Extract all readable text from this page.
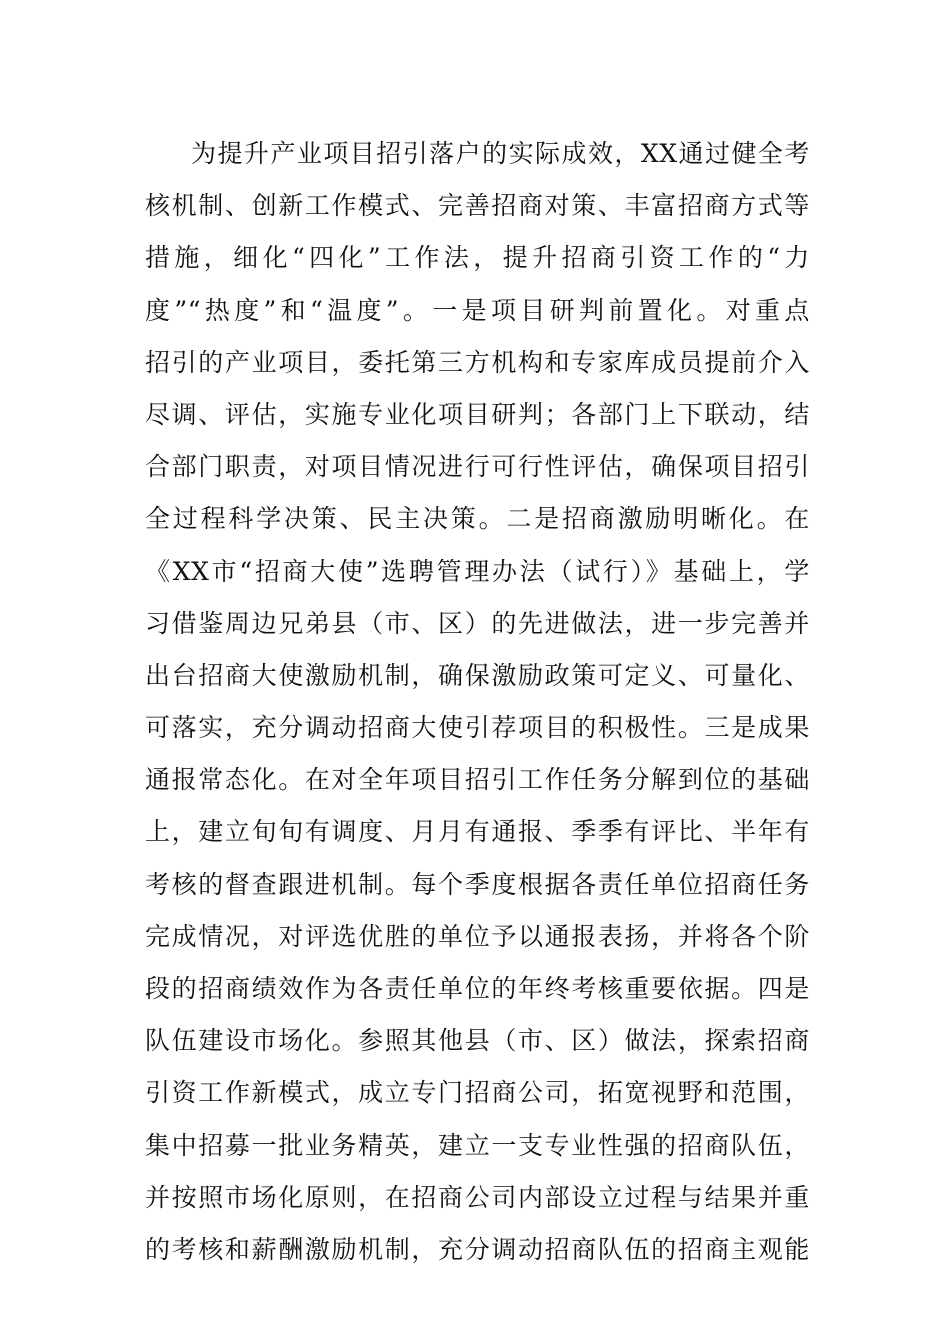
为提升产业项目招引落户的实际成效，XX通过健全考
核机制、创新工作模式、完善招商对策、丰富招商方式等
措施，细化“四化”工作法，提升招商引资工作的“力
度”“热度”和“温度”。一是项目研判前置化。对重点
招引的产业项目，委托第三方机构和专家库成员提前介入
尽调、评估，实施专业化项目研判；各部门上下联动，结
合部门职责，对项目情况进行可行性评估，确保项目招引
全过程科学决策、民主决策。二是招商激励明晰化。在
《XX市“招商大使”选聘管理办法（试行）》基础上，学
习借鉴周边兄弟县（市、区）的先进做法，进一步完善并
出台招商大使激励机制，确保激励政策可定义、可量化、
可落实，充分调动招商大使引荐项目的积极性。三是成果
通报常态化。在对全年项目招引工作任务分解到位的基础
上，建立旬旬有调度、月月有通报、季季有评比、半年有
考核的督查跟进机制。每个季度根据各责任单位招商任务
完成情况，对评选优胜的单位予以通报表扬，并将各个阶
段的招商绩效作为各责任单位的年终考核重要依据。四是
队伍建设市场化。参照其他县（市、区）做法，探索招商
引资工作新模式，成立专门招商公司，拓宽视野和范围，
集中招募一批业务精英，建立一支专业性强的招商队伍，
并按照市场化原则，在招商公司内部设立过程与结果并重
的考核和薪酬激励机制，充分调动招商队伍的招商主观能
